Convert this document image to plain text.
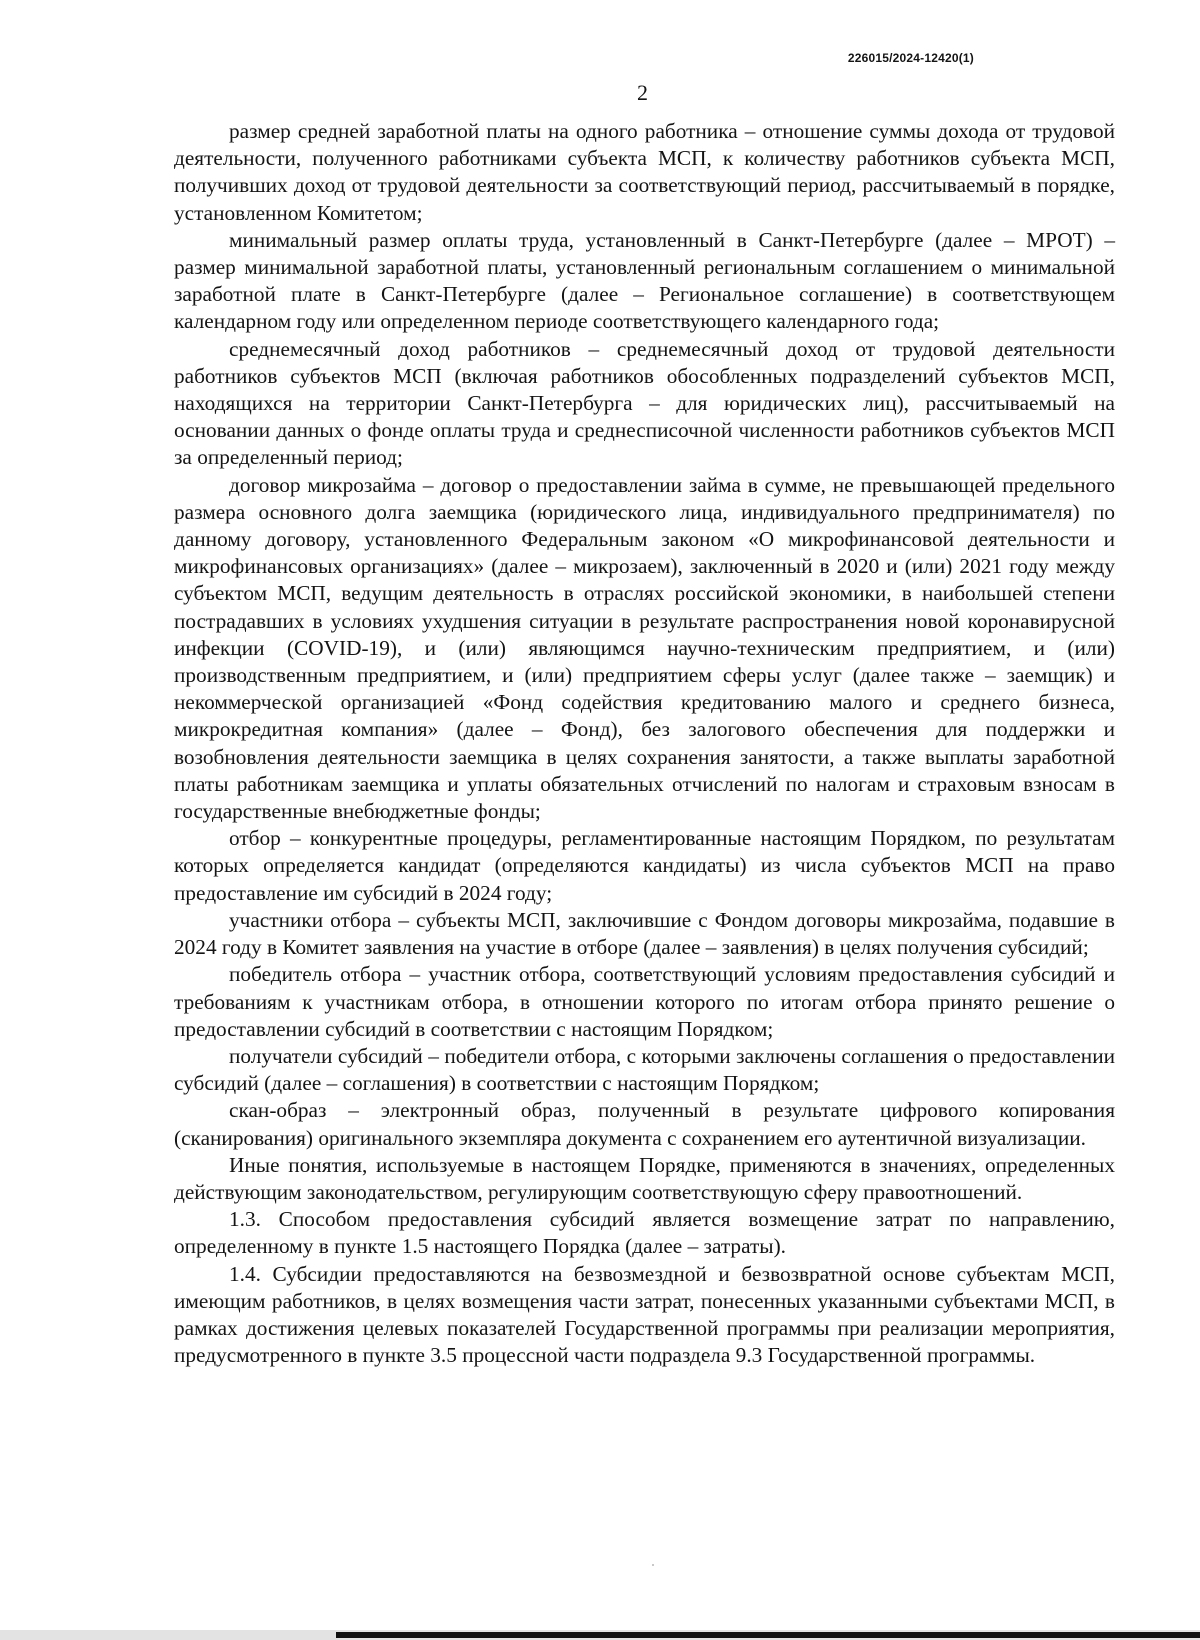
226015/2024-12420(1)
2

размер средней заработной платы на одного работника – отношение суммы дохода от трудовой деятельности, полученного работниками субъекта МСП, к количеству работников субъекта МСП, получивших доход от трудовой деятельности за соответствующий период, рассчитываемый в порядке, установленном Комитетом;

минимальный размер оплаты труда, установленный в Санкт-Петербурге (далее – МРОТ) – размер минимальной заработной платы, установленный региональным соглашением о минимальной заработной плате в Санкт-Петербурге (далее – Региональное соглашение) в соответствующем календарном году или определенном периоде соответствующего календарного года;

среднемесячный доход работников – среднемесячный доход от трудовой деятельности работников субъектов МСП (включая работников обособленных подразделений субъектов МСП, находящихся на территории Санкт-Петербурга – для юридических лиц), рассчитываемый на основании данных о фонде оплаты труда и среднесписочной численности работников субъектов МСП за определенный период;

договор микрозайма – договор о предоставлении займа в сумме, не превышающей предельного размера основного долга заемщика (юридического лица, индивидуального предпринимателя) по данному договору, установленного Федеральным законом «О микрофинансовой деятельности и микрофинансовых организациях» (далее – микрозаем), заключенный в 2020 и (или) 2021 году между субъектом МСП, ведущим деятельность в отраслях российской экономики, в наибольшей степени пострадавших в условиях ухудшения ситуации в результате распространения новой коронавирусной инфекции (COVID-19), и (или) являющимся научно-техническим предприятием, и (или) производственным предприятием, и (или) предприятием сферы услуг (далее также – заемщик) и некоммерческой организацией «Фонд содействия кредитованию малого и среднего бизнеса, микрокредитная компания» (далее – Фонд), без залогового обеспечения для поддержки и возобновления деятельности заемщика в целях сохранения занятости, а также выплаты заработной платы работникам заемщика и уплаты обязательных отчислений по налогам и страховым взносам в государственные внебюджетные фонды;

отбор – конкурентные процедуры, регламентированные настоящим Порядком, по результатам которых определяется кандидат (определяются кандидаты) из числа субъектов МСП на право предоставление им субсидий в 2024 году;

участники отбора – субъекты МСП, заключившие с Фондом договоры микрозайма, подавшие в 2024 году в Комитет заявления на участие в отборе (далее – заявления) в целях получения субсидий;

победитель отбора – участник отбора, соответствующий условиям предоставления субсидий и требованиям к участникам отбора, в отношении которого по итогам отбора принято решение о предоставлении субсидий в соответствии с настоящим Порядком;

получатели субсидий – победители отбора, с которыми заключены соглашения о предоставлении субсидий (далее – соглашения) в соответствии с настоящим Порядком;

скан-образ – электронный образ, полученный в результате цифрового копирования (сканирования) оригинального экземпляра документа с сохранением его аутентичной визуализации.

Иные понятия, используемые в настоящем Порядке, применяются в значениях, определенных действующим законодательством, регулирующим соответствующую сферу правоотношений.

1.3. Способом предоставления субсидий является возмещение затрат по направлению, определенному в пункте 1.5 настоящего Порядка (далее – затраты).

1.4. Субсидии предоставляются на безвозмездной и безвозвратной основе субъектам МСП, имеющим работников, в целях возмещения части затрат, понесенных указанными субъектами МСП, в рамках достижения целевых показателей Государственной программы при реализации мероприятия, предусмотренного в пункте 3.5 процессной части подраздела 9.3 Государственной программы.
